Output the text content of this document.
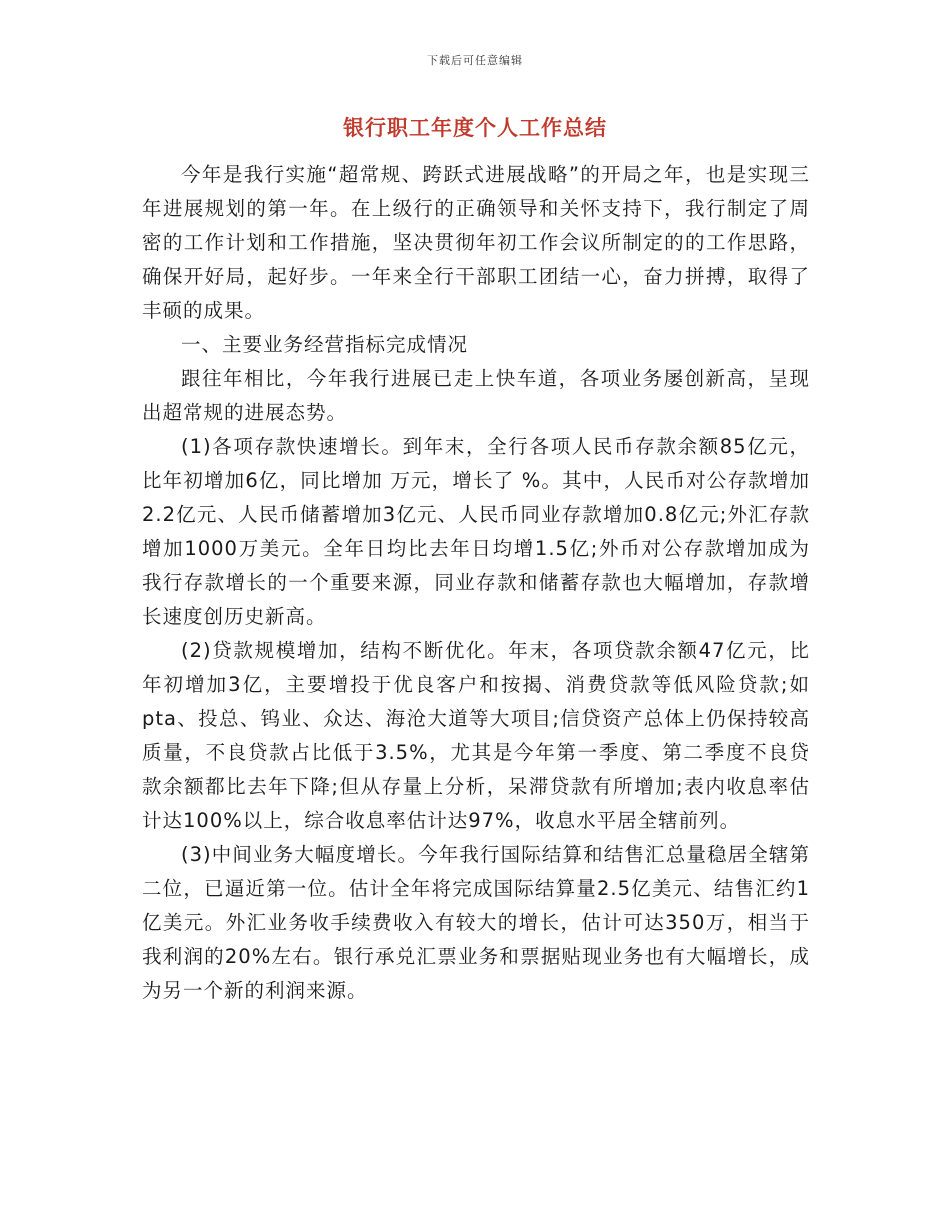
下载后可任意编辑
银行职工年度个人工作总结

今年是我行实施“超常规、跨跃式进展战略”的开局之年，也是实现三年进展规划的第一年。在上级行的正确领导和关怀支持下，我行制定了周密的工作计划和工作措施，坚决贯彻年初工作会议所制定的的工作思路，确保开好局，起好步。一年来全行干部职工团结一心，奋力拼搏，取得了丰硕的成果。

一、主要业务经营指标完成情况

跟往年相比，今年我行进展已走上快车道，各项业务屡创新高，呈现出超常规的进展态势。

(1)各项存款快速增长。到年末，全行各项人民币存款余额85亿元，比年初增加6亿，同比增加 万元，增长了 %。其中，人民币对公存款增加2.2亿元、人民币储蓄增加3亿元、人民币同业存款增加0.8亿元;外汇存款增加1000万美元。全年日均比去年日均增1.5亿;外币对公存款增加成为我行存款增长的一个重要来源，同业存款和储蓄存款也大幅增加，存款增长速度创历史新高。

(2)贷款规模增加，结构不断优化。年末，各项贷款余额47亿元，比年初增加3亿，主要增投于优良客户和按揭、消费贷款等低风险贷款;如pta、投总、钨业、众达、海沧大道等大项目;信贷资产总体上仍保持较高质量，不良贷款占比低于3.5%，尤其是今年第一季度、第二季度不良贷款余额都比去年下降;但从存量上分析，呆滞贷款有所增加;表内收息率估计达100%以上，综合收息率估计达97%，收息水平居全辖前列。

(3)中间业务大幅度增长。今年我行国际结算和结售汇总量稳居全辖第二位，已逼近第一位。估计全年将完成国际结算量2.5亿美元、结售汇约1亿美元。外汇业务收手续费收入有较大的增长，估计可达350万，相当于我利润的20%左右。银行承兑汇票业务和票据贴现业务也有大幅增长，成为另一个新的利润来源。
